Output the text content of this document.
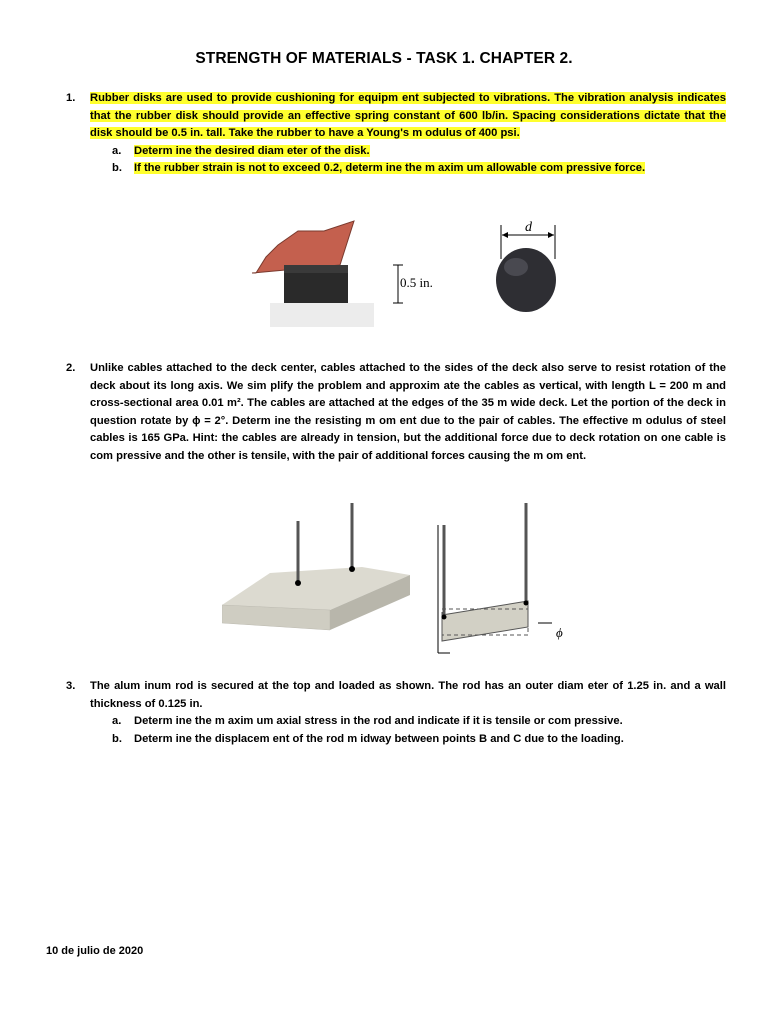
STRENGTH OF MATERIALS - TASK 1. CHAPTER 2.
1.	Rubber disks are used to provide cushioning for equipm ent subjected to vibrations. The vibration analysis indicates that the rubber disk should provide an effective spring constant of 600 lb/in. Spacing considerations dictate that the disk should be 0.5 in. tall. Take the rubber to have a Young's m odulus of 400 psi.
a.	Determ ine the desired diam eter of the disk.
b.	If the rubber strain is not to exceed 0.2, determ ine the m axim um allowable com pressive force.
0.5 in.
d
2.	Unlike cables attached to the deck center, cables attached to the sides of the deck also serve to resist rotation of the deck about its long axis. We sim plify the problem and approxim ate the cables as vertical, with length L = 200 m and cross-sectional area 0.01 m². The cables are attached at the edges of the 35 m wide deck. Let the portion of the deck in question rotate by ϕ = 2°. Determ ine the resisting m om ent due to the pair of cables. The effective m odulus of steel cables is 165 GPa. Hint: the cables are already in tension, but the additional force due to deck rotation on one cable is com pressive and the other is tensile, with the pair of additional forces causing the m om ent.
ϕ
3.	The alum inum rod is secured at the top and loaded as shown. The rod has an outer diam eter of 1.25 in. and a wall thickness of 0.125 in.
a.	Determ ine the m axim um axial stress in the rod and indicate if it is tensile or com pressive.
b.	Determ ine the displacem ent of the rod m idway between points B and C due to the loading.
10 de julio de 2020
